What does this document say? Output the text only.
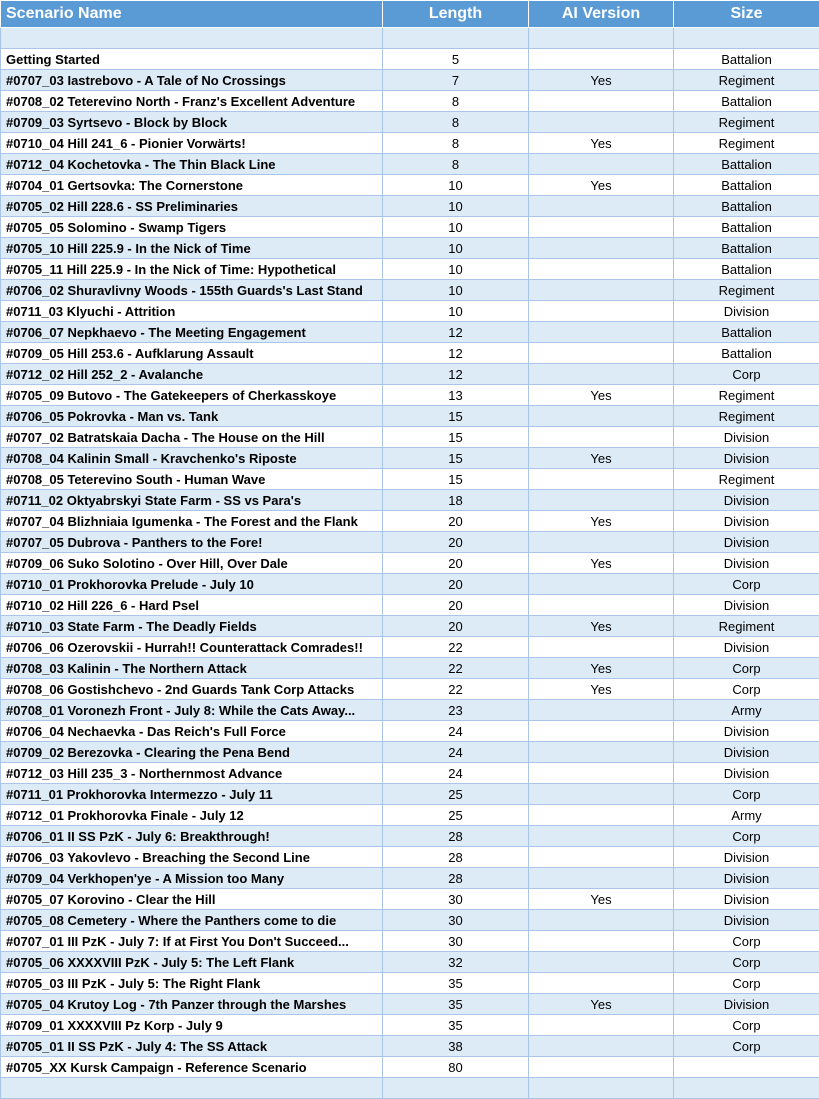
Scenario Name	Length	AI Version	Size

Getting Started	5		Battalion
#0707_03 Iastrebovo - A Tale of No Crossings	7	Yes	Regiment
#0708_02 Teterevino North - Franz's Excellent Adventure	8		Battalion
#0709_03 Syrtsevo - Block by Block	8		Regiment
#0710_04 Hill 241_6 - Pionier Vorwärts!	8	Yes	Regiment
#0712_04 Kochetovka - The Thin Black Line	8		Battalion
#0704_01 Gertsovka: The Cornerstone	10	Yes	Battalion
#0705_02 Hill 228.6 - SS Preliminaries	10		Battalion
#0705_05 Solomino - Swamp Tigers	10		Battalion
#0705_10 Hill 225.9 - In the Nick of Time	10		Battalion
#0705_11 Hill 225.9 - In the Nick of Time: Hypothetical	10		Battalion
#0706_02 Shuravlivny Woods - 155th Guards's Last Stand	10		Regiment
#0711_03 Klyuchi - Attrition	10		Division
#0706_07 Nepkhaevo - The Meeting Engagement	12		Battalion
#0709_05 Hill 253.6 - Aufklarung Assault	12		Battalion
#0712_02 Hill 252_2 - Avalanche	12		Corp
#0705_09 Butovo - The Gatekeepers of Cherkasskoye	13	Yes	Regiment
#0706_05 Pokrovka - Man vs. Tank	15		Regiment
#0707_02 Batratskaia Dacha - The House on the Hill	15		Division
#0708_04 Kalinin Small - Kravchenko's Riposte	15	Yes	Division
#0708_05 Teterevino South - Human Wave	15		Regiment
#0711_02 Oktyabrskyi State Farm - SS vs Para's	18		Division
#0707_04 Blizhniaia Igumenka - The Forest and the Flank	20	Yes	Division
#0707_05 Dubrova - Panthers to the Fore!	20		Division
#0709_06 Suko Solotino - Over Hill, Over Dale	20	Yes	Division
#0710_01 Prokhorovka Prelude - July 10	20		Corp
#0710_02 Hill 226_6 - Hard Psel	20		Division
#0710_03 State Farm - The Deadly Fields	20	Yes	Regiment
#0706_06 Ozerovskii - Hurrah!! Counterattack Comrades!!	22		Division
#0708_03 Kalinin - The Northern Attack	22	Yes	Corp
#0708_06 Gostishchevo - 2nd Guards Tank Corp Attacks	22	Yes	Corp
#0708_01 Voronezh Front - July 8: While the Cats Away...	23		Army
#0706_04 Nechaevka - Das Reich's Full Force	24		Division
#0709_02 Berezovka - Clearing the Pena Bend	24		Division
#0712_03 Hill 235_3 - Northernmost Advance	24		Division
#0711_01 Prokhorovka Intermezzo - July 11	25		Corp
#0712_01 Prokhorovka Finale - July 12	25		Army
#0706_01 II SS PzK - July 6: Breakthrough!	28		Corp
#0706_03 Yakovlevo - Breaching the Second Line	28		Division
#0709_04 Verkhopen'ye - A Mission too Many	28		Division
#0705_07 Korovino - Clear the Hill	30	Yes	Division
#0705_08 Cemetery - Where the Panthers come to die	30		Division
#0707_01 III PzK - July 7: If at First You Don't Succeed...	30		Corp
#0705_06 XXXXVIII PzK - July 5: The Left Flank	32		Corp
#0705_03 III PzK - July 5: The Right Flank	35		Corp
#0705_04 Krutoy Log - 7th Panzer through the Marshes	35	Yes	Division
#0709_01 XXXXVIII Pz Korp - July 9	35		Corp
#0705_01 II SS PzK - July 4: The SS Attack	38		Corp
#0705_XX Kursk Campaign - Reference Scenario	80		
